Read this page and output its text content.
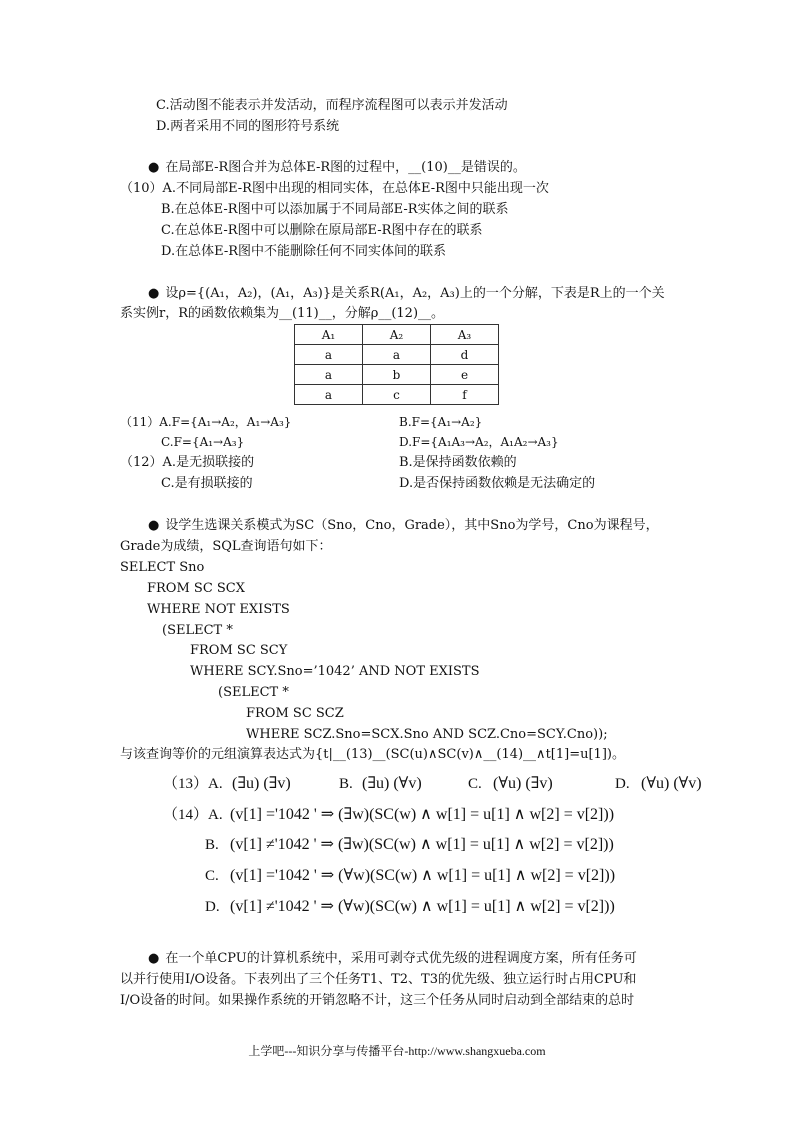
C.活动图不能表示并发活动，而程序流程图可以表示并发活动
D.两者采用不同的图形符号系统
● 在局部E-R图合并为总体E-R图的过程中，__(10)__是错误的。
（10）A.不同局部E-R图中出现的相同实体，在总体E-R图中只能出现一次
B.在总体E-R图中可以添加属于不同局部E-R实体之间的联系
C.在总体E-R图中可以删除在原局部E-R图中存在的联系
D.在总体E-R图中不能删除任何不同实体间的联系
● 设ρ={(A₁，A₂)，(A₁，A₃)}是关系R(A₁，A₂，A₃)上的一个分解，下表是R上的一个关
系实例r，R的函数依赖集为__(11)__，分解ρ__(12)__。
A₁	A₂	A₃
a	a	d
a	b	e
a	c	f
（11）A.F={A₁→A₂，A₁→A₃}	B.F={A₁→A₂}
C.F={A₁→A₃}	D.F={A₁A₃→A₂，A₁A₂→A₃}
（12）A.是无损联接的	B.是保持函数依赖的
C.是有损联接的	D.是否保持函数依赖是无法确定的
● 设学生选课关系模式为SC（Sno，Cno，Grade），其中Sno为学号，Cno为课程号，
Grade为成绩，SQL查询语句如下：
SELECT Sno
FROM SC SCX
WHERE NOT EXISTS
(SELECT *
FROM SC SCY
WHERE SCY.Sno=’1042’ AND NOT EXISTS
(SELECT *
FROM SC SCZ
WHERE SCZ.Sno=SCX.Sno AND SCZ.Cno=SCY.Cno));
与该查询等价的元组演算表达式为{t|__(13)__(SC(u)∧SC(v)∧__(14)__∧t[1]=u[1])。
（13）A. (∃u) (∃v)	B. (∃u) (∀v)	C. (∀u) (∃v)	D. (∀u) (∀v)
（14）A. (v[1] ='1042 ' ⇒ (∃w)(SC(w) ∧ w[1] = u[1] ∧ w[2] = v[2]))
B. (v[1] ≠'1042 ' ⇒ (∃w)(SC(w) ∧ w[1] = u[1] ∧ w[2] = v[2]))
C. (v[1] ='1042 ' ⇒ (∀w)(SC(w) ∧ w[1] = u[1] ∧ w[2] = v[2]))
D. (v[1] ≠'1042 ' ⇒ (∀w)(SC(w) ∧ w[1] = u[1] ∧ w[2] = v[2]))
● 在一个单CPU的计算机系统中，采用可剥夺式优先级的进程调度方案，所有任务可
以并行使用I/O设备。下表列出了三个任务T1、T2、T3的优先级、独立运行时占用CPU和
I/O设备的时间。如果操作系统的开销忽略不计，这三个任务从同时启动到全部结束的总时
上学吧---知识分享与传播平台-http://www.shangxueba.com
